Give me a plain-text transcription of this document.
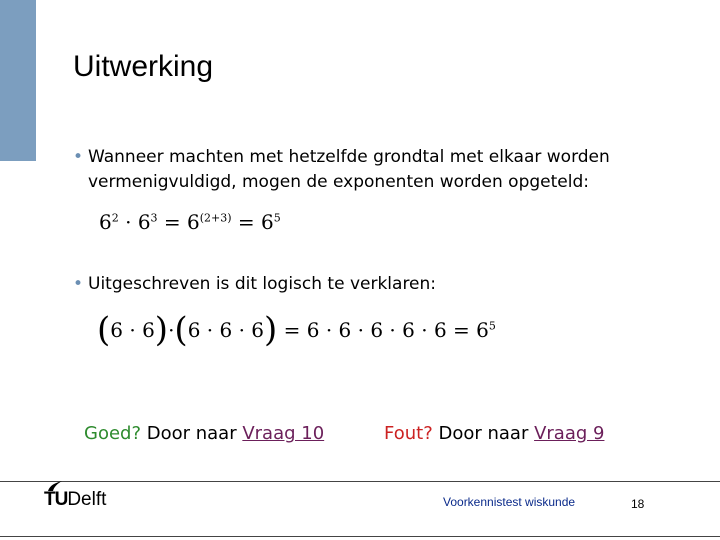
Uitwerking
• Wanneer machten met hetzelfde grondtal met elkaar worden
vermenigvuldigd, mogen de exponenten worden opgeteld:
$6^2 \cdot 6^3 = 6^{(2+3)} = 6^5$
• Uitgeschreven is dit logisch te verklaren:
$(6 \cdot 6)\cdot(6 \cdot 6 \cdot 6) = 6 \cdot 6 \cdot 6 \cdot 6 \cdot 6 = 6^5$
Goed? Door naar Vraag 10	Fout? Door naar Vraag 9
TUDelft	Voorkennistest wiskunde	18
